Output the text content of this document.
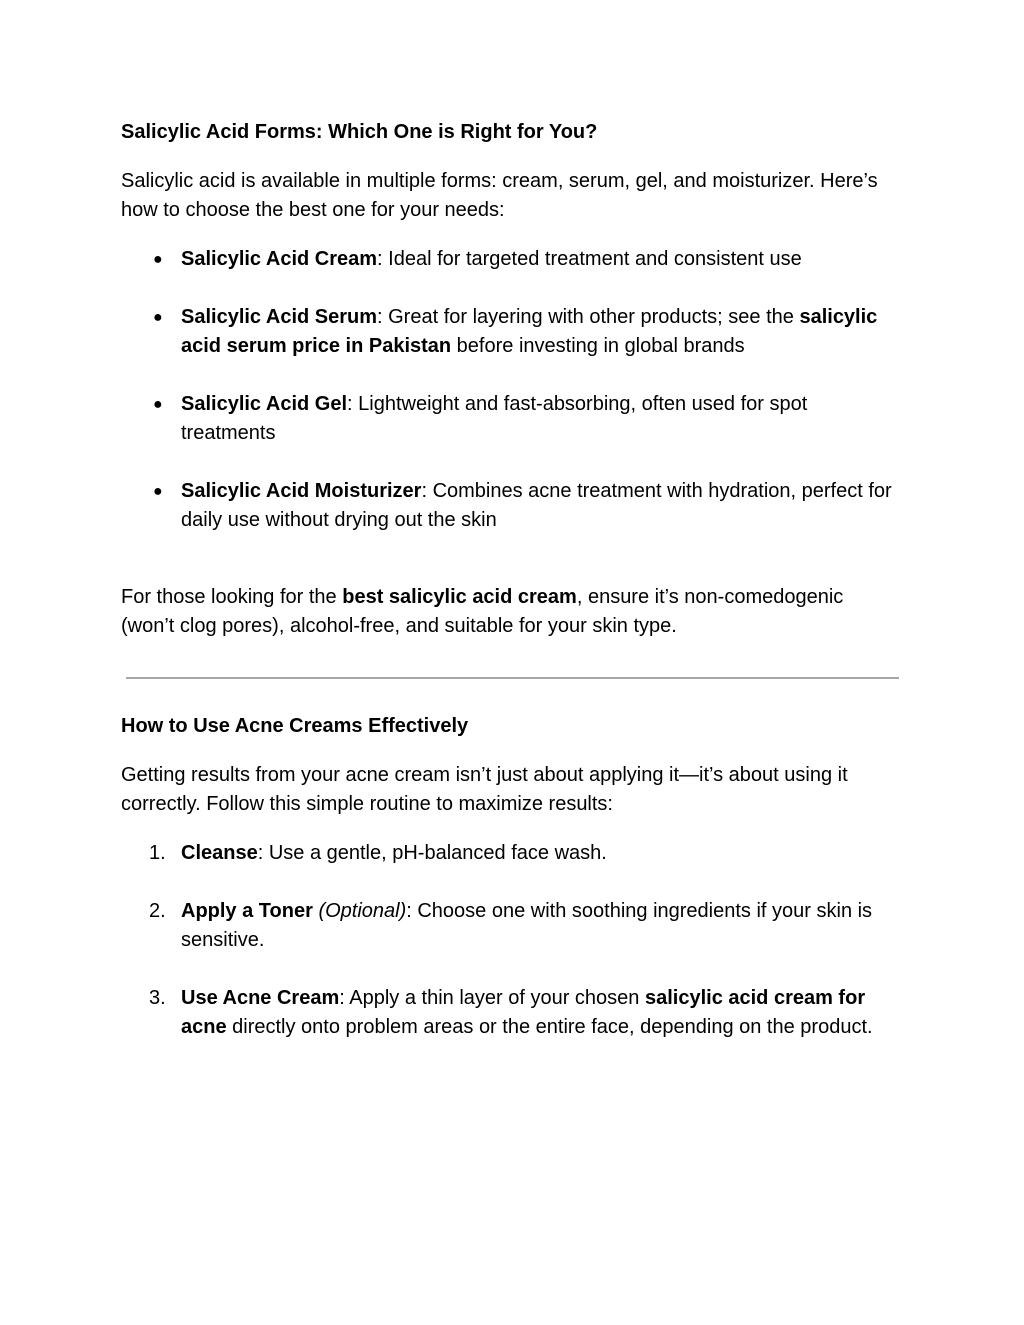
Salicylic Acid Forms: Which One is Right for You?

Salicylic acid is available in multiple forms: cream, serum, gel, and moisturizer. Here’s how to choose the best one for your needs:

● Salicylic Acid Cream: Ideal for targeted treatment and consistent use
● Salicylic Acid Serum: Great for layering with other products; see the salicylic acid serum price in Pakistan before investing in global brands
● Salicylic Acid Gel: Lightweight and fast-absorbing, often used for spot treatments
● Salicylic Acid Moisturizer: Combines acne treatment with hydration, perfect for daily use without drying out the skin

For those looking for the best salicylic acid cream, ensure it’s non-comedogenic (won’t clog pores), alcohol-free, and suitable for your skin type.

How to Use Acne Creams Effectively

Getting results from your acne cream isn’t just about applying it—it’s about using it correctly. Follow this simple routine to maximize results:

1. Cleanse: Use a gentle, pH-balanced face wash.
2. Apply a Toner (Optional): Choose one with soothing ingredients if your skin is sensitive.
3. Use Acne Cream: Apply a thin layer of your chosen salicylic acid cream for acne directly onto problem areas or the entire face, depending on the product.
